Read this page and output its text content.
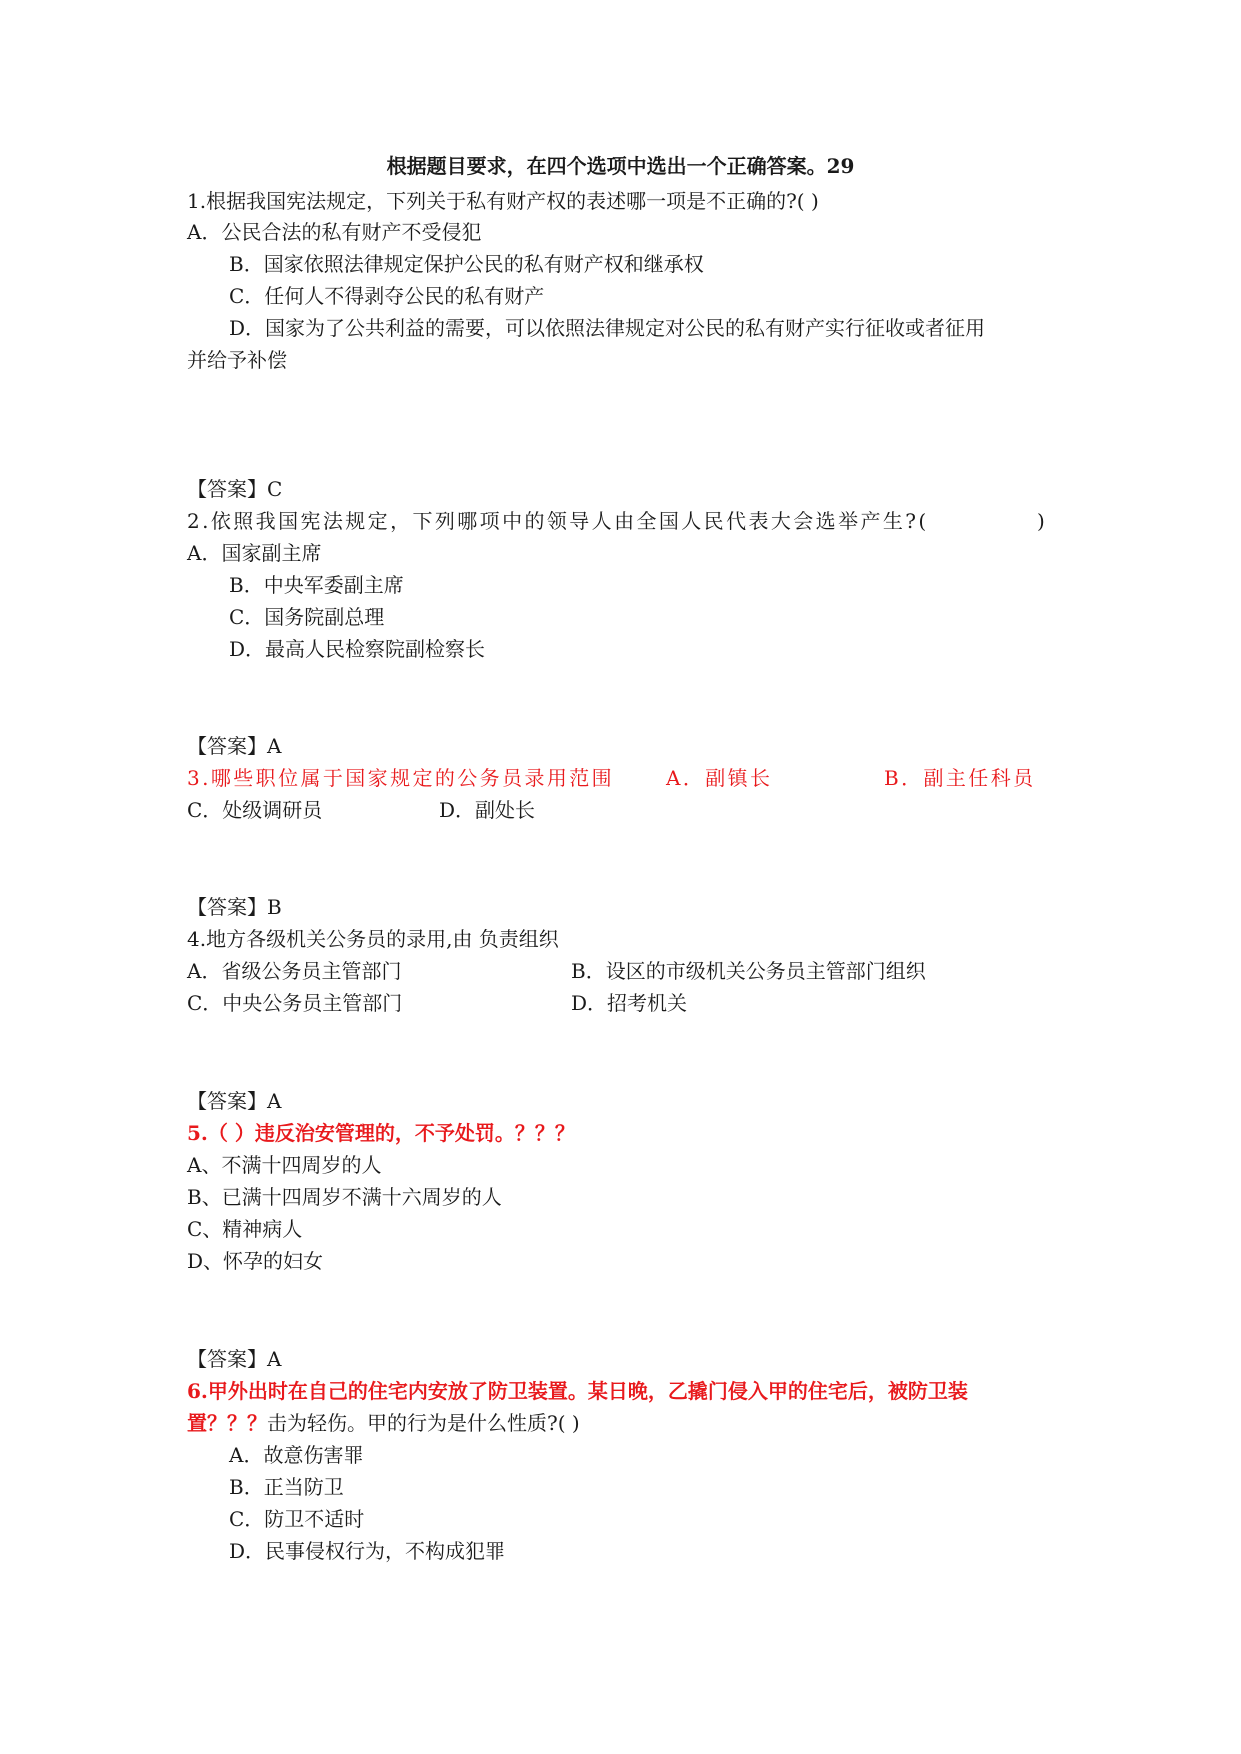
根据题目要求，在四个选项中选出一个正确答案。29
1.根据我国宪法规定，下列关于私有财产权的表述哪一项是不正确的?( )
A．公民合法的私有财产不受侵犯
B．国家依照法律规定保护公民的私有财产权和继承权
C．任何人不得剥夺公民的私有财产
D．国家为了公共利益的需要，可以依照法律规定对公民的私有财产实行征收或者征用
并给予补偿
【答案】C
2.依照我国宪法规定，下列哪项中的领导人由全国人民代表大会选举产生?(	)
A．国家副主席
B．中央军委副主席
C．国务院副总理
D．最高人民检察院副检察长
【答案】A
3.哪些职位属于国家规定的公务员录用范围	A．副镇长	B．副主任科员
C．处级调研员	D．副处长
【答案】B
4.地方各级机关公务员的录用,由 负责组织
A．省级公务员主管部门	B．设区的市级机关公务员主管部门组织
C．中央公务员主管部门	D．招考机关
【答案】A
5.（ ）违反治安管理的，不予处罚。？？？
A、不满十四周岁的人
B、已满十四周岁不满十六周岁的人
C、精神病人
D、怀孕的妇女
【答案】A
6.甲外出时在自己的住宅内安放了防卫装置。某日晚，乙撬门侵入甲的住宅后，被防卫装
置？？？击为轻伤。甲的行为是什么性质?( )
A．故意伤害罪
B．正当防卫
C．防卫不适时
D．民事侵权行为，不构成犯罪
